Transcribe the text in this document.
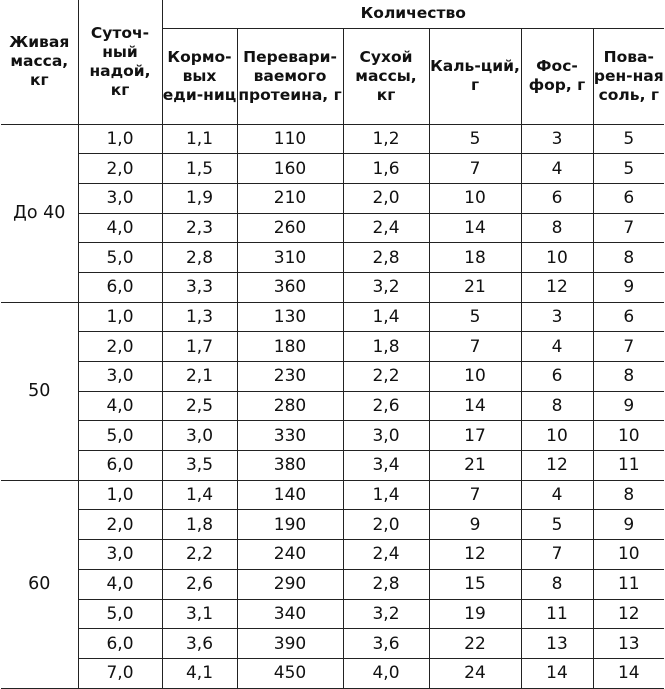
Живая масса, кг	Суточ-ный надой, кг	Количество					
		Кормо-вых еди-ниц	Перевари-ваемого протеина, г	Сухой массы, кг	Каль-ций, г	Фос-фор, г	Пова-рен-ная соль, г
До 40	1,0	1,1	110	1,2	5	3	5
	2,0	1,5	160	1,6	7	4	5
	3,0	1,9	210	2,0	10	6	6
	4,0	2,3	260	2,4	14	8	7
	5,0	2,8	310	2,8	18	10	8
	6,0	3,3	360	3,2	21	12	9
50	1,0	1,3	130	1,4	5	3	6
	2,0	1,7	180	1,8	7	4	7
	3,0	2,1	230	2,2	10	6	8
	4,0	2,5	280	2,6	14	8	9
	5,0	3,0	330	3,0	17	10	10
	6,0	3,5	380	3,4	21	12	11
60	1,0	1,4	140	1,4	7	4	8
	2,0	1,8	190	2,0	9	5	9
	3,0	2,2	240	2,4	12	7	10
	4,0	2,6	290	2,8	15	8	11
	5,0	3,1	340	3,2	19	11	12
	6,0	3,6	390	3,6	22	13	13
	7,0	4,1	450	4,0	24	14	14
